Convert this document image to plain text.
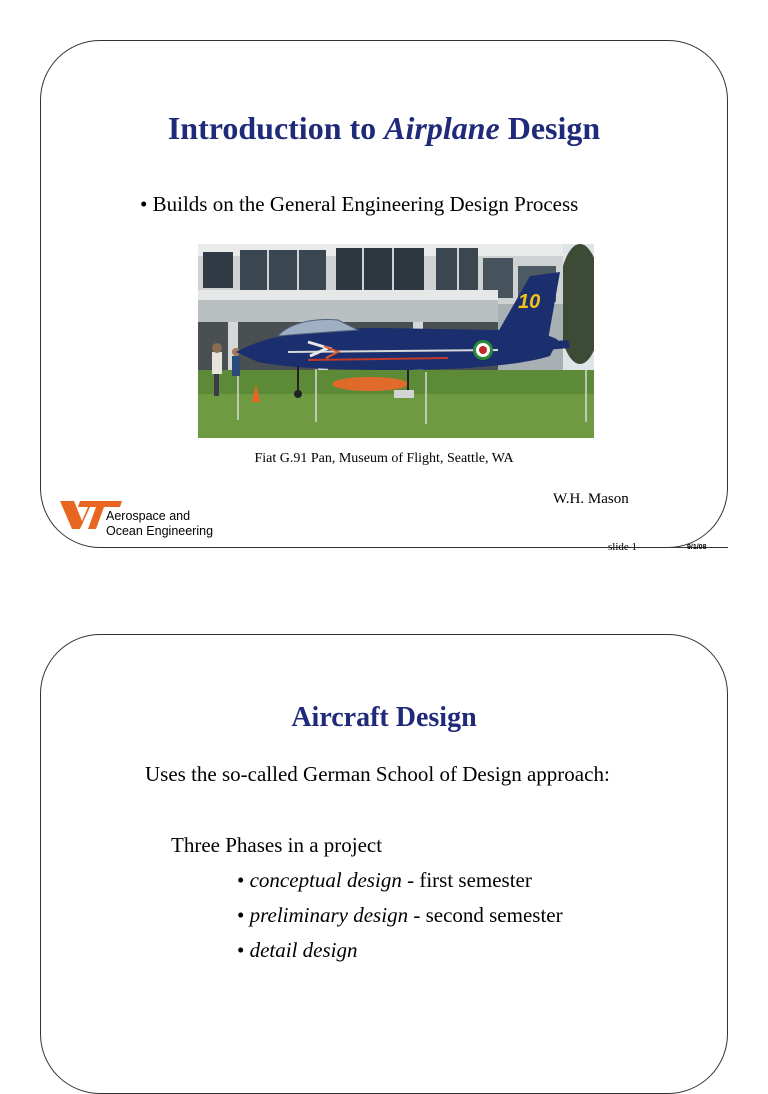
Introduction to Airplane Design
• Builds on the General Engineering Design Process
10
Fiat G.91 Pan, Museum of Flight, Seattle, WA
W.H. Mason
Aerospace and
Ocean Engineering
slide 1	9/1/08
Aircraft Design
Uses the so-called German School of Design approach:
Three Phases in a project
• conceptual design - first semester
• preliminary design - second semester
• detail design
